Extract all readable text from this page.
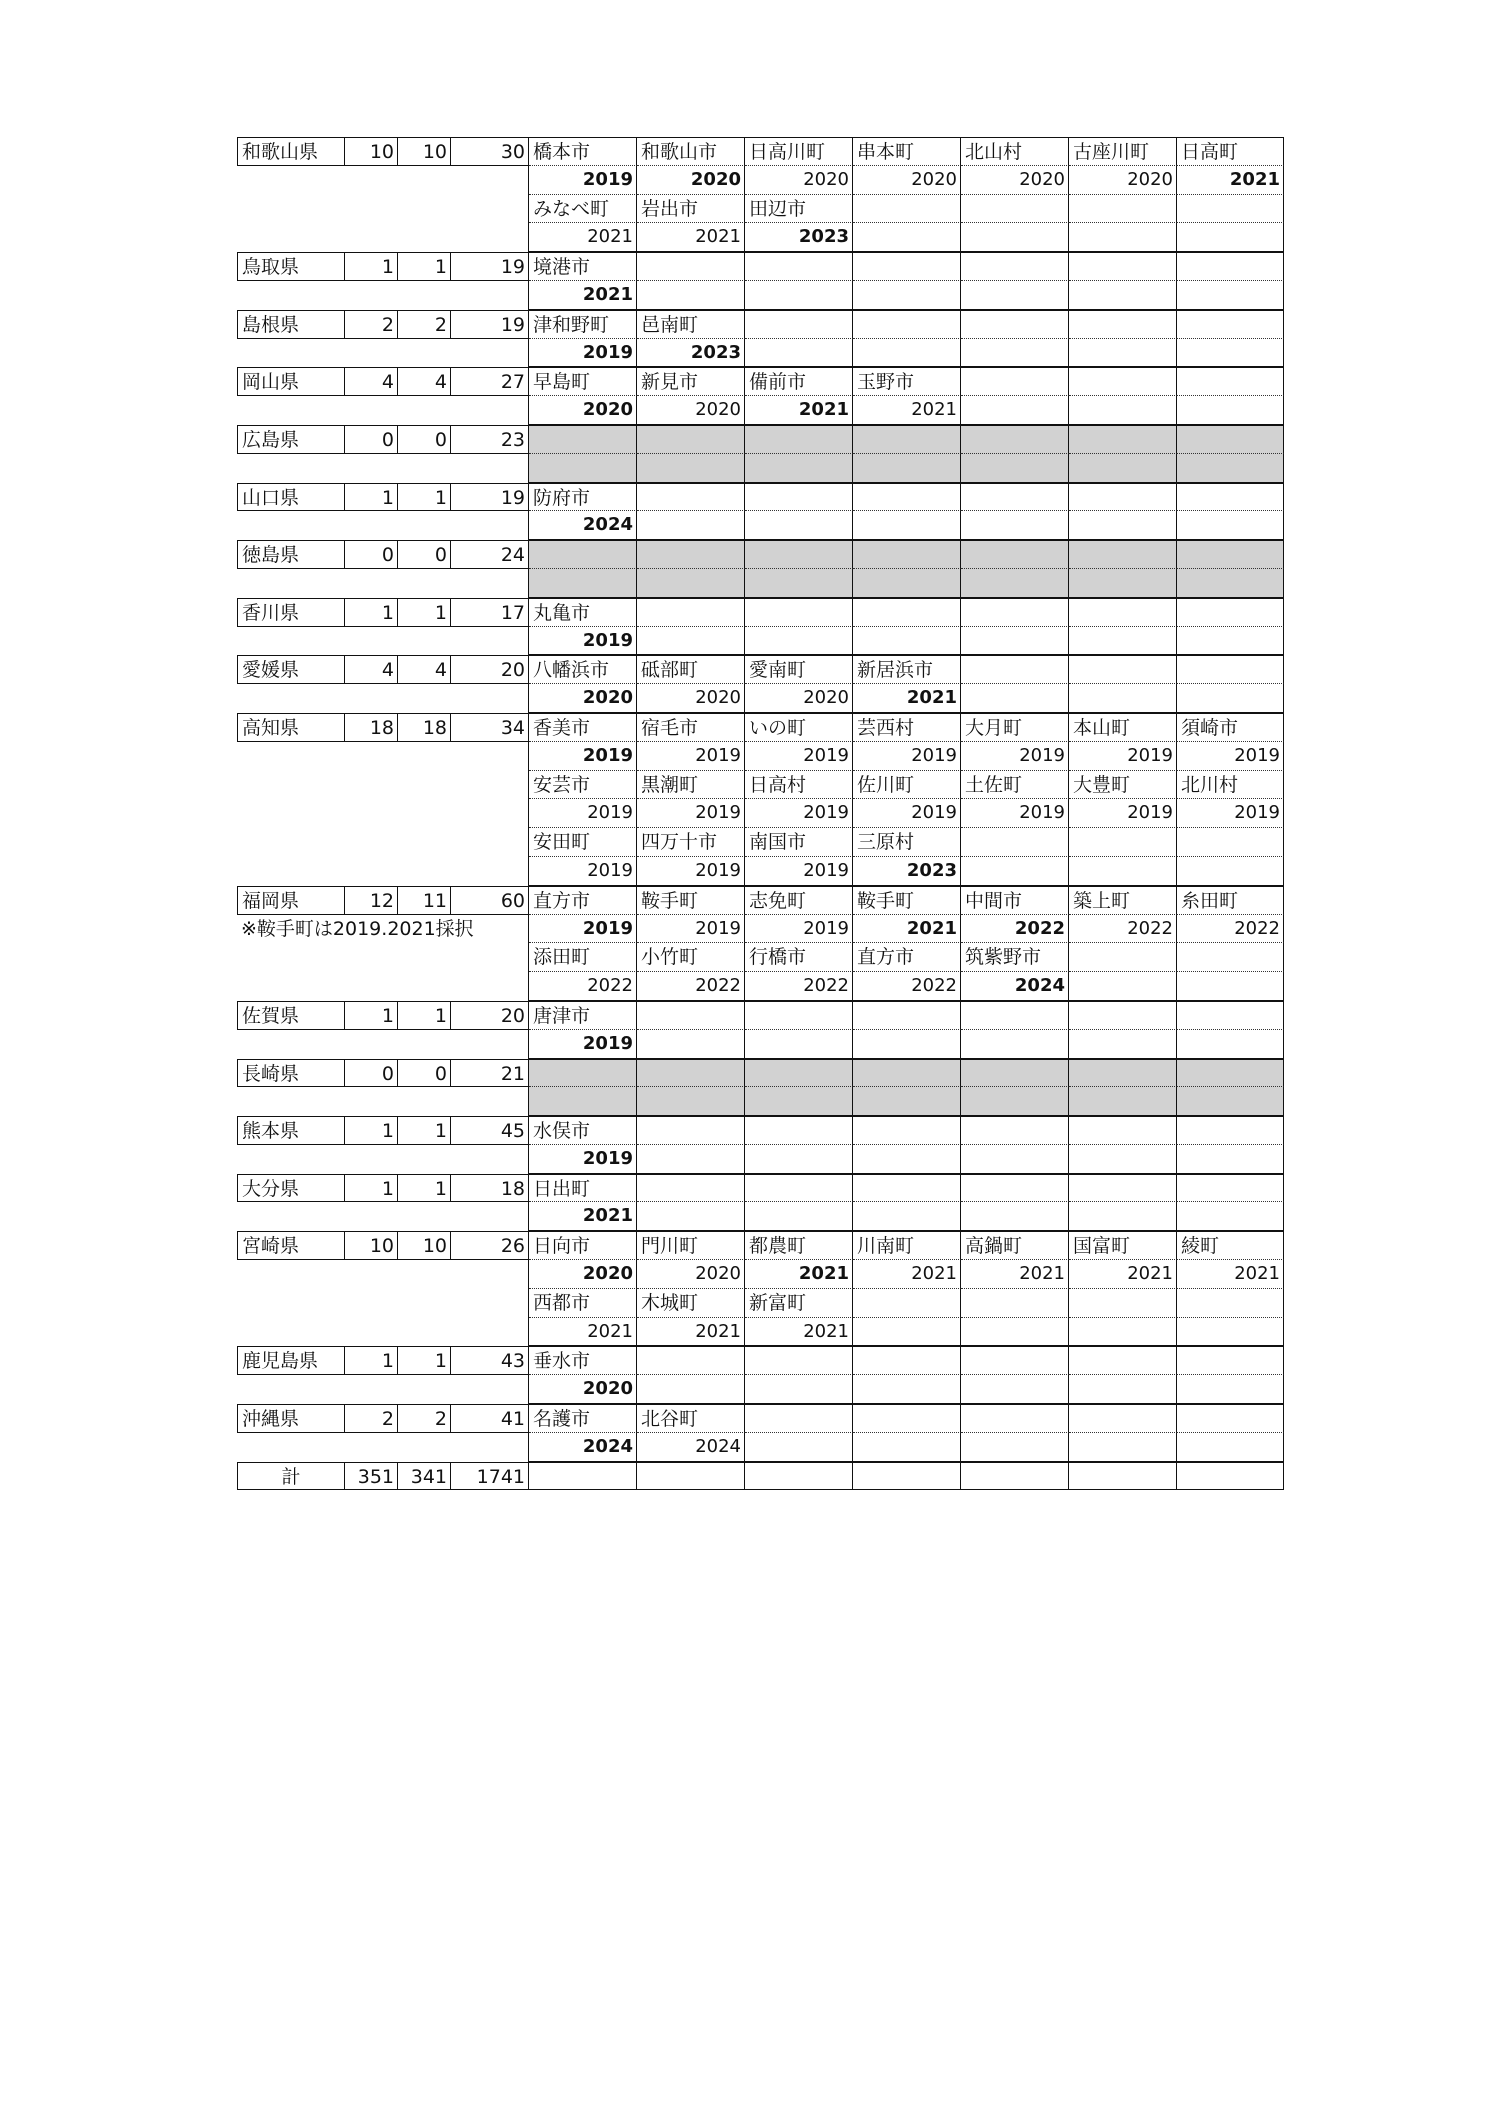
和歌山県	10	10	30 橋本市	和歌山市	日高川町	串本町	北山村	古座川町	日高町
2019	2020	2020	2020	2020	2020	2021
みなべ町	岩出市	田辺市
2021	2021	2023
鳥取県	1	1	19 境港市
2021
島根県	2	2	19 津和野町	邑南町
2019	2023
岡山県	4	4	27 早島町	新見市	備前市	玉野市
2020	2020	2021	2021
広島県	0	0	23
山口県	1	1	19 防府市
2024
徳島県	0	0	24
香川県	1	1	17 丸亀市
2019
愛媛県	4	4	20 八幡浜市	砥部町	愛南町	新居浜市
2020	2020	2020	2021
高知県	18	18	34 香美市	宿毛市	いの町	芸西村	大月町	本山町	須崎市
2019	2019	2019	2019	2019	2019	2019
安芸市	黒潮町	日高村	佐川町	土佐町	大豊町	北川村
2019	2019	2019	2019	2019	2019	2019
安田町	四万十市	南国市	三原村
2019	2019	2019	2023
福岡県	12	11	60 直方市	鞍手町	志免町	鞍手町	中間市	築上町	糸田町
※鞍手町は2019.2021採択	2019	2019	2019	2021	2022	2022	2022
添田町	小竹町	行橋市	直方市	筑紫野市
2022	2022	2022	2022	2024
佐賀県	1	1	20 唐津市
2019
長崎県	0	0	21
熊本県	1	1	45 水俣市
2019
大分県	1	1	18 日出町
2021
宮崎県	10	10	26 日向市	門川町	都農町	川南町	高鍋町	国富町	綾町
2020	2020	2021	2021	2021	2021	2021
西都市	木城町	新富町
2021	2021	2021
鹿児島県	1	1	43 垂水市
2020
沖縄県	2	2	41 名護市	北谷町
2024	2024
計	351 341	1741
